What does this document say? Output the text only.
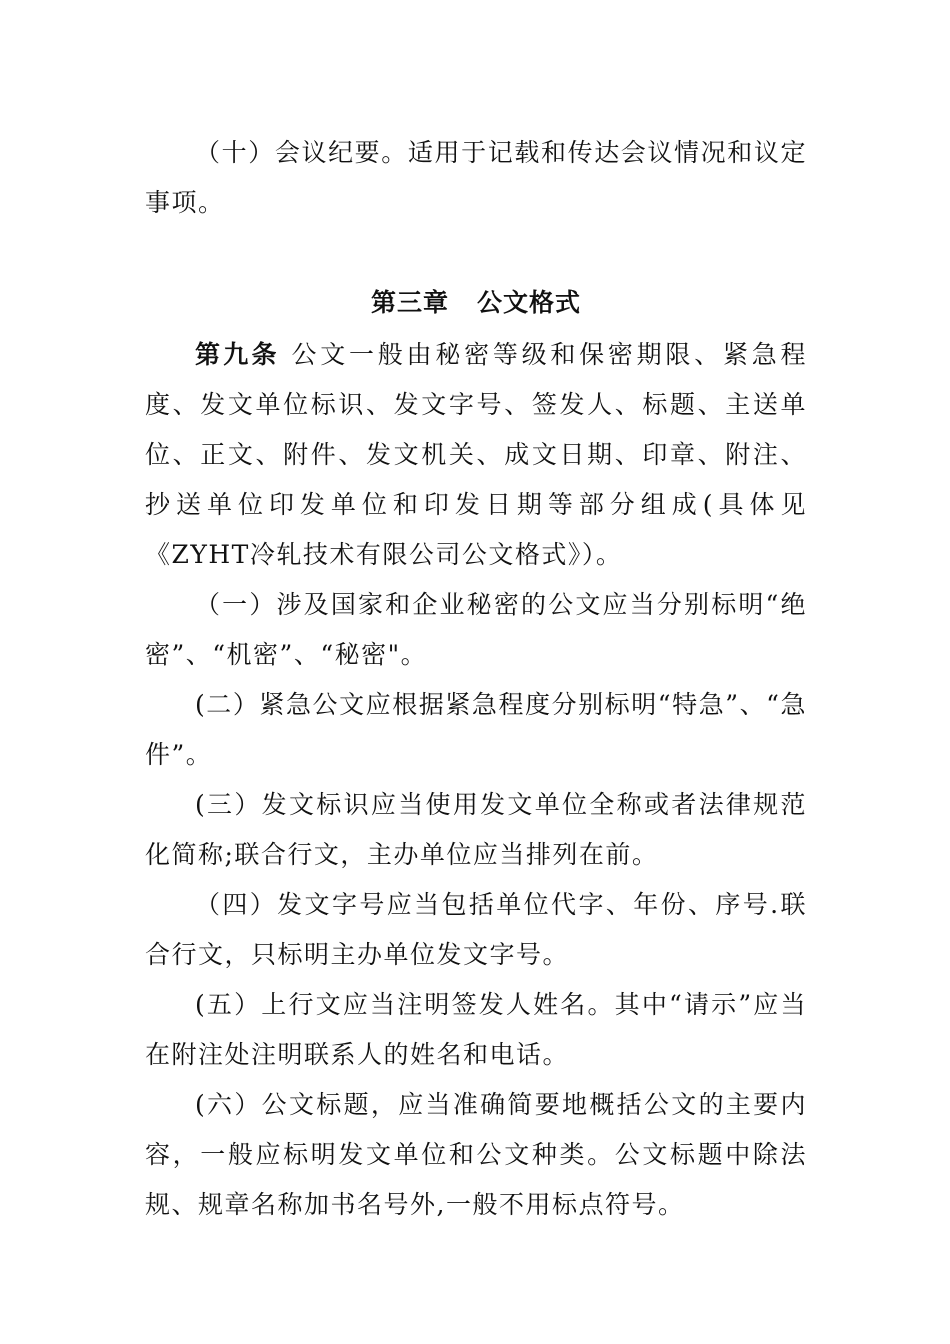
（十）会议纪要。适用于记载和传达会议情况和议定事项。

第三章 公文格式

第九条 公文一般由秘密等级和保密期限、紧急程度、发文单位标识、发文字号、签发人、标题、主送单位、正文、附件、发文机关、成文日期、印章、附注、抄送单位印发单位和印发日期等部分组成(具体见《ZYHT冷轧技术有限公司公文格式》）。

（一）涉及国家和企业秘密的公文应当分别标明“绝密”、“机密”、“秘密"。

(二）紧急公文应根据紧急程度分别标明“特急”、“急件”。

(三）发文标识应当使用发文单位全称或者法律规范化简称;联合行文，主办单位应当排列在前。

（四）发文字号应当包括单位代字、年份、序号.联合行文，只标明主办单位发文字号。

(五）上行文应当注明签发人姓名。其中“请示”应当在附注处注明联系人的姓名和电话。

(六）公文标题，应当准确简要地概括公文的主要内容，一般应标明发文单位和公文种类。公文标题中除法规、规章名称加书名号外,一般不用标点符号。
